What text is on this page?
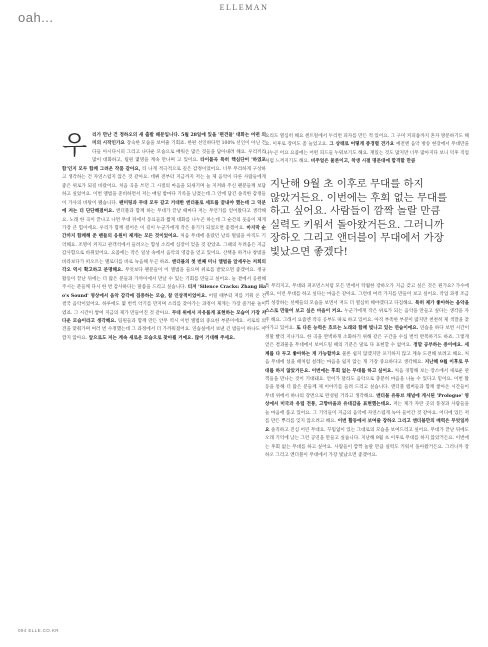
ELLEMAN
oah...
우	리가 만난 건 정하오의 새 출발 때문입니다. 5월 28일에 있을 '편견들' 대화는 어떤 의미의 시작인가요 장숙한 모습을 보여줄 기회죠. 한편 선인하다면 100% 선인이 아닌 건 다들 아시다시피 그리고 나다운 모습으로 배워온 많은 것들을 담아내려 해요. 우리끼리 많이 대화하고, 팀원 몇명을 계속 만나며 고 있어요. 타이틀곡 특히 핵심단어 '하였포함'인지 모두 함께 그려온 작품 같아요, 티 나게 적극적으로 깊은 감정이었어요. 너무 무리하게 구상하고 생각하는 건 자연스럽지 않은 것 같아요. 데뷔 전부터 지금까지 저는 늘 제 음악이 다른 사람들에게 좋은 위로가 되길 바랐어요. 처음 곡을 쓰던 그 시절의 마음을 되새기며 늘 지켜봐 주신 팬분들께 보답하고 싶었어요. 이번 앨범을 준비하면서 저는 매일 밤마다 기록을 남겼는데 그 안에 담긴 솔직한 감정들이 가사의 바탕이 됐습니다. 팬미팅과 무대 모두 같고 거대한 앤더블로 세트를 끝내야 했는데 그 덕분에 저는 더 단단해졌어요. 앤더블과 함께 하는 무대가 끝날 때마다 저는 무언가를 얻어왔다고 생각해요. 노래 한 곡이 끝나고 나면 무대 뒤에서 동료들과 짧게 대화를 나누곤 하는데 그 순간의 웃음이 제게 가장 큰 힘이에요. 우리가 함께 걸어온 이 길이 누군가에게 작은 용기가 되었으면 좋겠어요. 마지막 순간까지 함께해 준 팬들의 응원이 제게는 모든 것이었어요. 처음 무대에 올랐던 날의 떨림을 아직도 기억해요. 조명이 켜지고 관객석에서 들려오는 함성 소리에 심장이 멎을 것 같았죠. 그때의 두려움은 지금 감사함으로 바뀌었어요. 요즘에는 작은 일상 속에서 음악의 영감을 얻고 있어요. 산책을 하거나 창밖을 바라보다가 떠오르는 멜로디를 바로 녹음해 두곤 하죠. 앤더블의 첫 번째 미니 앨범을 앞세우는 저희의 각오 역시 확고하고 분명해요. 무엇보다 팬분들이 이 앨범을 들으며 위로를 받았으면 좋겠어요. 정규 활동이 끝난 뒤에는 더 많은 분들과 가까이에서 만날 수 있는 기회를 만들고 싶어요. 늘 곁에서 응원해 주시는 분들께 다시 한 번 감사하다는 말씀을 드리고 싶습니다. 티저 'Silence Cracks: Zhang Hao's Sound' 영상에서 음악 감각에 집중하는 모습, 참 인상적이었어요. 어릴 때부터 저를 키워 온 건 결국 음악이었어요. 하루에도 몇 번씩 악기를 만지며 소리를 찾아가는 과정이 제게는 가장 즐거운 놀이였죠. 그 시간이 쌓여 지금의 제가 만들어진 것 같아요. 무대 위에서 자유롭게 표현하는 모습이 가장 저다운 모습이라고 생각해요. 팀원들과 함께 만든 안무 역시 이번 앨범의 중요한 부분이에요. 서로의 의견을 맞춰가며 여러 번 수정했는데 그 과정에서 더 가까워졌어요. 연습실에서 보낸 긴 밤들이 하나도 아깝지 않아요. 앞으로도 저는 계속 새로운 모습으로 찾아뵐 거예요. 많이 기대해 주세요.

요리도 열심히 해요 센트럴에서 두리번 피자를 만든 적 있어요. 그 구미 커피숍까지 혼자 방문하기도 해요. 이후로 장미도 좀 늘었고요. 그 상태로 어떻게 중경렬 견가요 예전엔 음악 방송 현장에서 무대만을 나누곤 어요 요즘에는 어떤 피드들 누워보기도 해요. 재밌는 것도 많지만 너무 많아지다 보니 덕후 직업처럼 느껴지기도 해요. 비주얼은 물론이고, 착생 시절 명문대에 합격할 만큼

지난해 9월 초 이후로 무대를 하지 않았거든요. 이번에는 후회 없는 무대를 하고 싶어요. 사람들이 깜짝 놀랄 만큼 실력도 키워서 돌아왔거든요. 그러니까 장하오 그리고 앤더블이 무대에서 가장 빛났으면 좋겠다!

특 무리지고, 무대와 퍼포먼스처럼 모든 면에서 탁월한 장하오가 지금 갖고 싶은 것은 뭔가요? 가수에게요, 이런 무대를 하고 싶다는 마음은 같아요. 그런데 여러 가지를 만들어 보고 싶어요. 작업 과정 조금씩 성장하는 선배들의 모습을 보면서 저도 더 열심히 해야겠다고 다짐해요. 특히 제가 좋아하는 음악을 스스로 만들어 보고 싶은 마음이 커요. 누군가에게 작은 위로가 되는 음악을 만들고 싶다는 생각을 자주 해요. 그래서 요즘엔 작곡 공부도 따로 하고 있어요. 아직 부족한 부분이 많지만 천천히 제 색깔을 찾아가고 있어요. 또 다른 능력은 흐르는 노래와 함께 빛나고 있는 연습이에요. 연습을 하다 보면 시간이 정말 빨리 지나가요. 한 곡을 완벽하게 소화하기 위해 같은 구간을 수십 번씩 반복하기도 하죠. 그렇게 얻은 결과물을 무대에서 보여드릴 때의 기분은 말로 다 표현할 수 없어요. 정말 공부하는 중이에요. 세계를 다 두고 좋아하는 게 가능할까요 물론 쉽지 않겠지만 포기하지 않고 계속 도전해 보려고 해요. 처음 무대에 섰을 때처럼 설레는 마음을 잃지 않는 게 가장 중요하다고 생각해요. 지난해 9월 이후로 무대를 하지 않았거든요. 이번에는 후회 없는 무대를 하고 싶어요. 처음 경험해 보는 장소에서 새로운 관객들을 만나는 것이 기대돼요. 언어가 달라도 음악으로 충분히 마음을 나눌 수 있다고 믿어요. 이번 활동을 통해 더 많은 분들께 제 이야기를 들려 드리고 싶습니다. 앤더블 멤버들과 함께 쌓아온 시간들이 무대 위에서 하나의 장면으로 완성될 거라고 생각해요. 앤더블 유튜브 채널에 게시된 'Prologue' 영상에서 미국과 유럽 전통, 고향마을과 유대감을 표현했는데요. 저는 제가 자란 곳의 풍경과 사람들을 늘 마음에 품고 있어요. 그 기억들이 지금의 음악에 자연스럽게 녹아 들어간 것 같아요. 어디에 있든 저를 만든 뿌리를 잊지 않으려고 해요. 이번 활동에서 보여줄 장하오 그리고 앤더블만의 매력은 무엇일까요 솔직하고 진심 어린 무대요. 꾸밈없이 있는 그대로의 모습을 보여드리고 싶어요. 무대가 끝난 뒤에도 오래 기억에 남는 그런 공연을 만들고 싶습니다. 지난해 9월 초 이후로 무대를 하지 않았거든요. 이번에는 후회 없는 무대를 하고 싶어요. 사람들이 깜짝 놀랄 만큼 실력도 키워서 돌아왔거든요. 그러니까 장하오 그리고 앤더블이 무대에서 가장 빛났으면 좋겠어요.

094 ELLE.CO.KR
